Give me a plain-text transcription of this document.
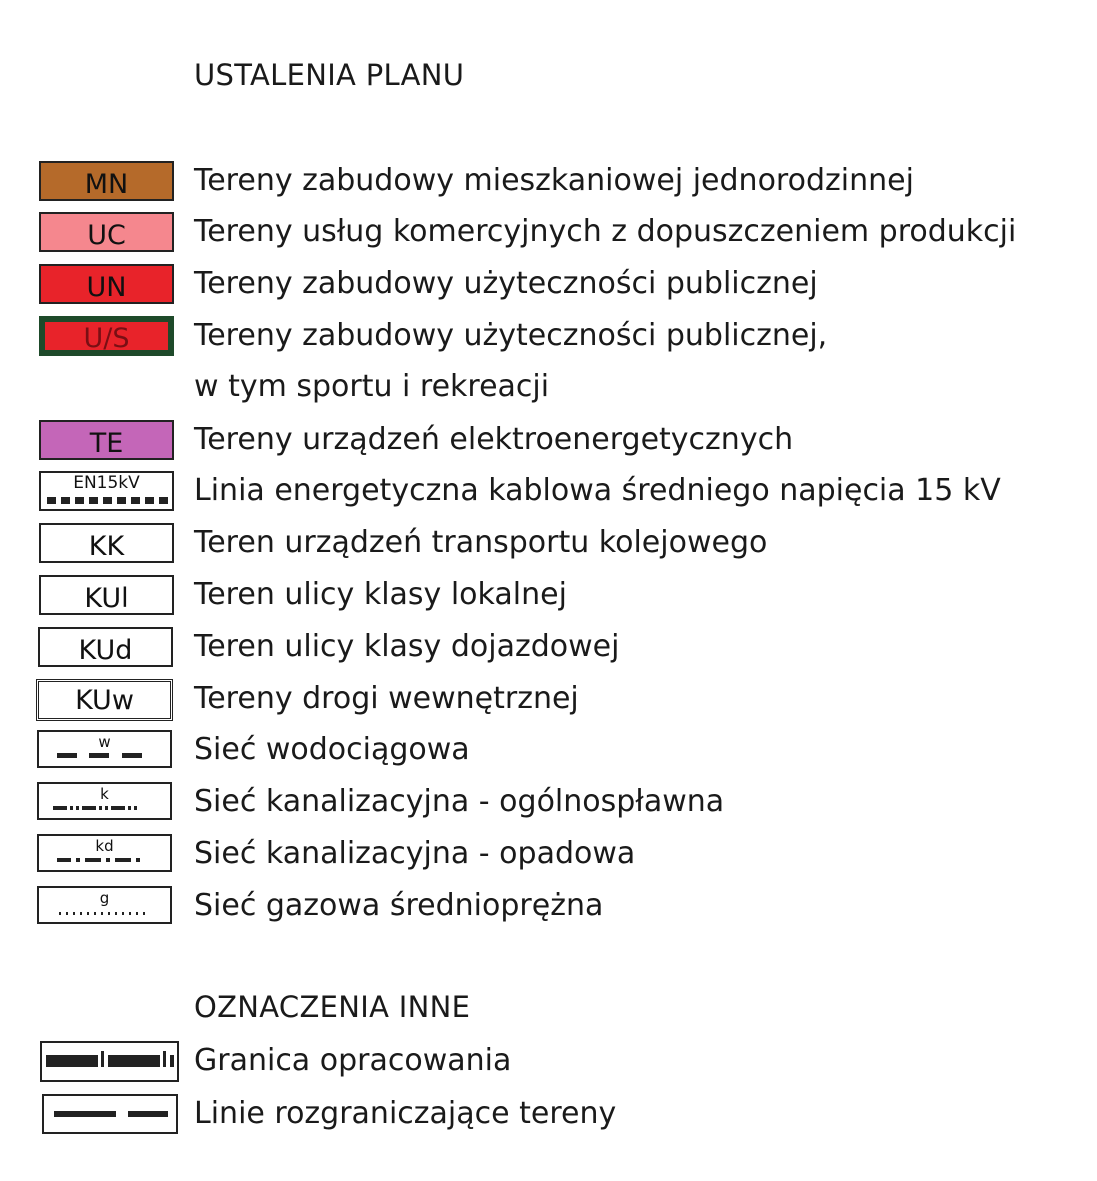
USTALENIA PLANU
MN	Tereny zabudowy mieszkaniowej jednorodzinnej
UC	Tereny usług komercyjnych z dopuszczeniem produkcji
UN	Tereny zabudowy użyteczności publicznej
U/S	Tereny zabudowy użyteczności publicznej,
w tym sportu i rekreacji
TE	Tereny urządzeń elektroenergetycznych
EN15kV	Linia energetyczna kablowa średniego napięcia 15 kV
KK	Teren urządzeń transportu kolejowego
KUl	Teren ulicy klasy lokalnej
KUd	Teren ulicy klasy dojazdowej
KUw	Tereny drogi wewnętrznej
w	Sieć wodociągowa
k	Sieć kanalizacyjna - ogólnospławna
kd	Sieć kanalizacyjna - opadowa
g	Sieć gazowa średnioprężna
OZNACZENIA INNE
Granica opracowania
Linie rozgraniczające tereny
